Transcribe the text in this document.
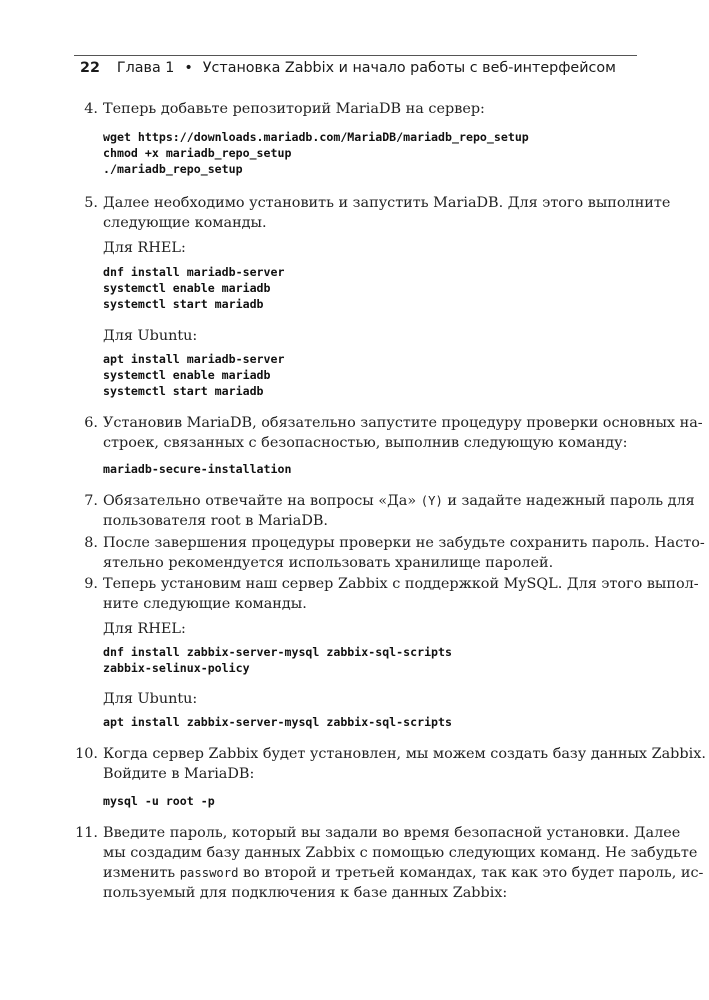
22 Глава 1 • Установка Zabbix и начало работы с веб-интерфейсом
4. Теперь добавьте репозиторий MariaDB на сервер:
wget https://downloads.mariadb.com/MariaDB/mariadb_repo_setup
chmod +x mariadb_repo_setup
./mariadb_repo_setup
5. Далее необходимо установить и запустить MariaDB. Для этого выполните
следующие команды.
Для RHEL:
dnf install mariadb-server
systemctl enable mariadb
systemctl start mariadb
Для Ubuntu:
apt install mariadb-server
systemctl enable mariadb
systemctl start mariadb
6. Установив MariaDB, обязательно запустите процедуру проверки основных на-
строек, связанных с безопасностью, выполнив следующую команду:
mariadb-secure-installation
7. Обязательно отвечайте на вопросы «Да» (Y) и задайте надежный пароль для
пользователя root в MariaDB.
8. После завершения процедуры проверки не забудьте сохранить пароль. Насто-
ятельно рекомендуется использовать хранилище паролей.
9. Теперь установим наш сервер Zabbix с поддержкой MySQL. Для этого выпол-
ните следующие команды.
Для RHEL:
dnf install zabbix-server-mysql zabbix-sql-scripts
zabbix-selinux-policy
Для Ubuntu:
apt install zabbix-server-mysql zabbix-sql-scripts
10. Когда сервер Zabbix будет установлен, мы можем создать базу данных Zabbix.
Войдите в MariaDB:
mysql -u root -p
11. Введите пароль, который вы задали во время безопасной установки. Далее
мы создадим базу данных Zabbix с помощью следующих команд. Не забудьте
изменить password во второй и третьей командах, так как это будет пароль, ис-
пользуемый для подключения к базе данных Zabbix:
